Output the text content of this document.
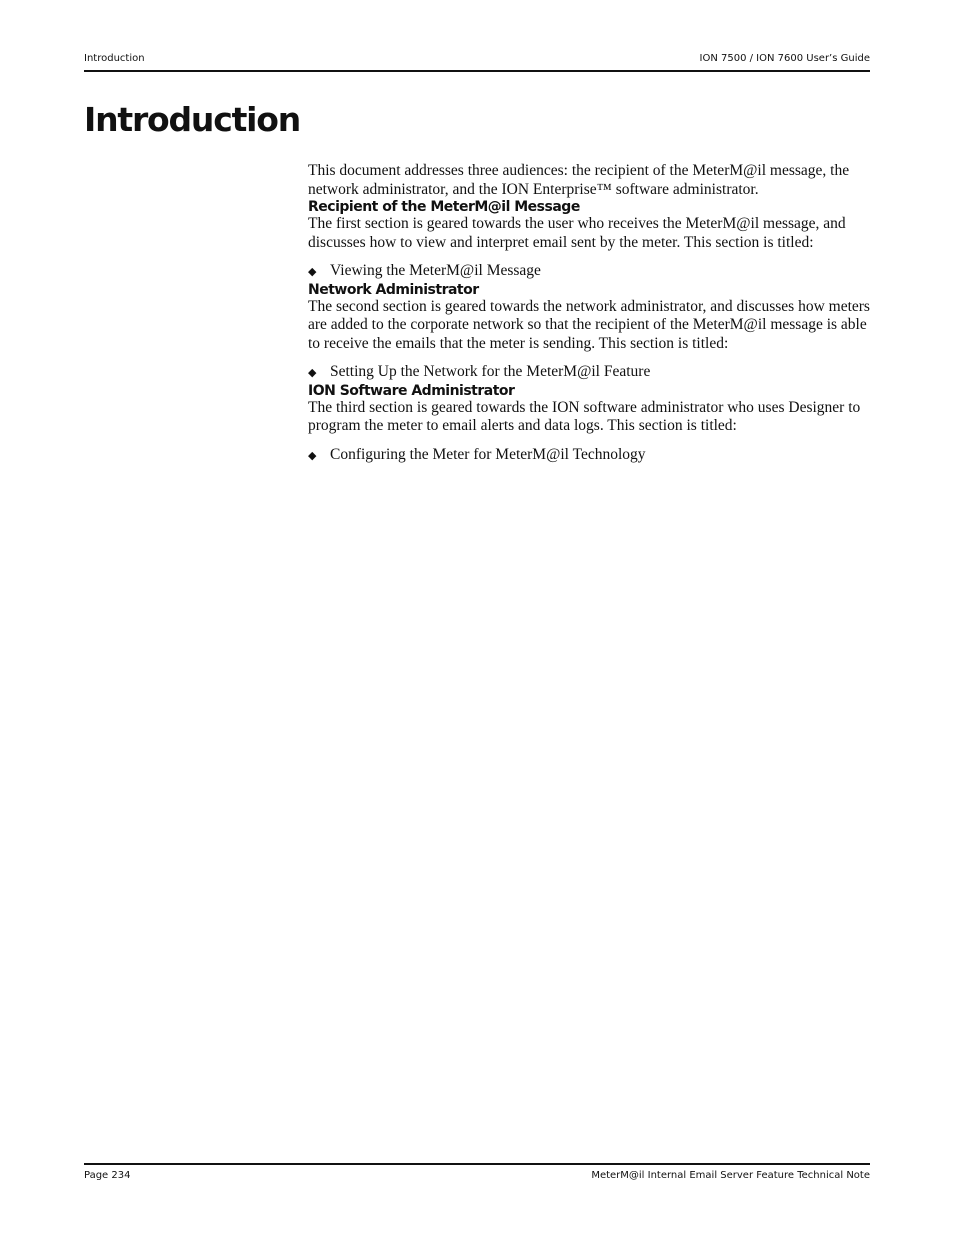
Introduction	ION 7500 / ION 7600 User’s Guide
Introduction

This document addresses three audiences: the recipient of the MeterM@il message, the network administrator, and the ION Enterprise™ software administrator.

Recipient of the MeterM@il Message

The first section is geared towards the user who receives the MeterM@il message, and discusses how to view and interpret email sent by the meter. This section is titled:

◆ Viewing the MeterM@il Message
Network Administrator

The second section is geared towards the network administrator, and discusses how meters are added to the corporate network so that the recipient of the MeterM@il message is able to receive the emails that the meter is sending. This section is titled:

◆ Setting Up the Network for the MeterM@il Feature
ION Software Administrator

The third section is geared towards the ION software administrator who uses Designer to program the meter to email alerts and data logs. This section is titled:

◆ Configuring the Meter for MeterM@il Technology
Page 234	MeterM@il Internal Email Server Feature Technical Note
